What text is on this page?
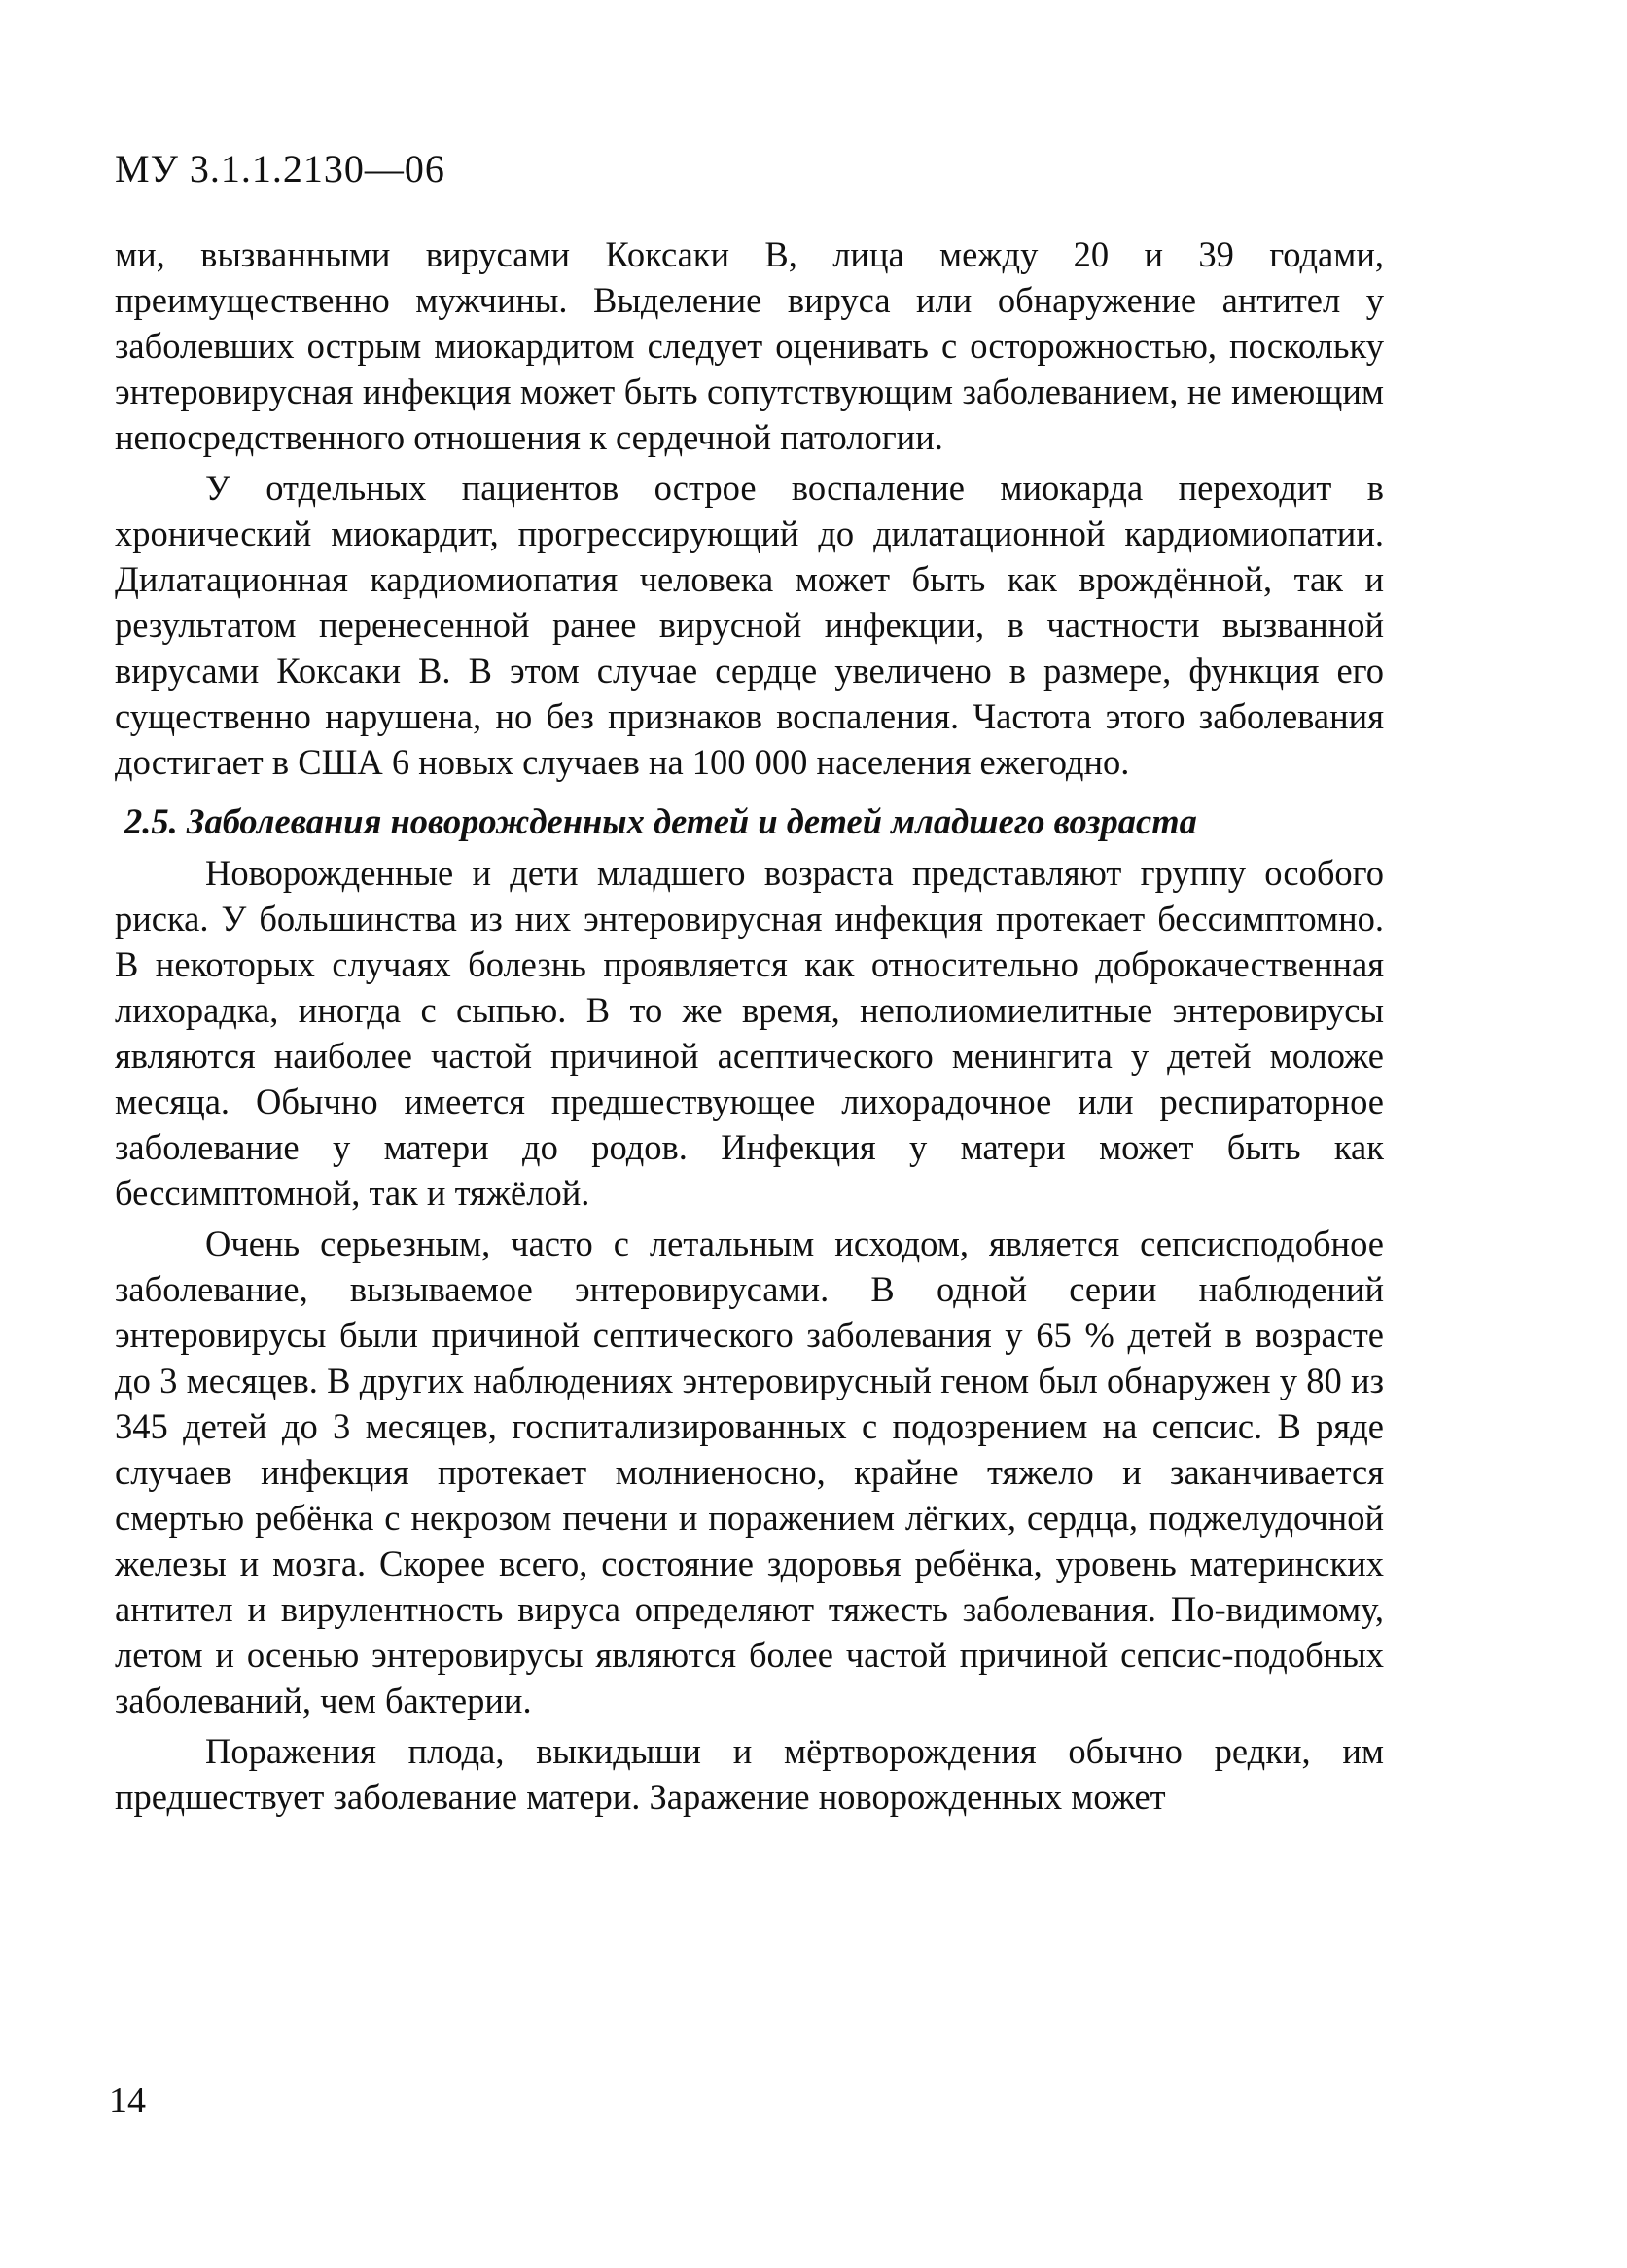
МУ 3.1.1.2130—06

ми, вызванными вирусами Коксаки В, лица между 20 и 39 годами, преимущественно мужчины. Выделение вируса или обнаружение антител у заболевших острым миокардитом следует оценивать с осторожностью, поскольку энтеровирусная инфекция может быть сопутствующим заболеванием, не имеющим непосредственного отношения к сердечной патологии.

У отдельных пациентов острое воспаление миокарда переходит в хронический миокардит, прогрессирующий до дилатационной кардиомиопатии. Дилатационная кардиомиопатия человека может быть как врождённой, так и результатом перенесенной ранее вирусной инфекции, в частности вызванной вирусами Коксаки В. В этом случае сердце увеличено в размере, функция его существенно нарушена, но без признаков воспаления. Частота этого заболевания достигает в США 6 новых случаев на 100 000 населения ежегодно.

2.5. Заболевания новорожденных детей и детей младшего возраста

Новорожденные и дети младшего возраста представляют группу особого риска. У большинства из них энтеровирусная инфекция протекает бессимптомно. В некоторых случаях болезнь проявляется как относительно доброкачественная лихорадка, иногда с сыпью. В то же время, неполиомиелитные энтеровирусы являются наиболее частой причиной асептического менингита у детей моложе месяца. Обычно имеется предшествующее лихорадочное или респираторное заболевание у матери до родов. Инфекция у матери может быть как бессимптомной, так и тяжёлой.

Очень серьезным, часто с летальным исходом, является сепсисподобное заболевание, вызываемое энтеровирусами. В одной серии наблюдений энтеровирусы были причиной септического заболевания у 65 % детей в возрасте до 3 месяцев. В других наблюдениях энтеровирусный геном был обнаружен у 80 из 345 детей до 3 месяцев, госпитализированных с подозрением на сепсис. В ряде случаев инфекция протекает молниеносно, крайне тяжело и заканчивается смертью ребёнка с некрозом печени и поражением лёгких, сердца, поджелудочной железы и мозга. Скорее всего, состояние здоровья ребёнка, уровень материнских антител и вирулентность вируса определяют тяжесть заболевания. По-видимому, летом и осенью энтеровирусы являются более частой причиной сепсис-подобных заболеваний, чем бактерии.

Поражения плода, выкидыши и мёртворождения обычно редки, им предшествует заболевание матери. Заражение новорожденных может

14
